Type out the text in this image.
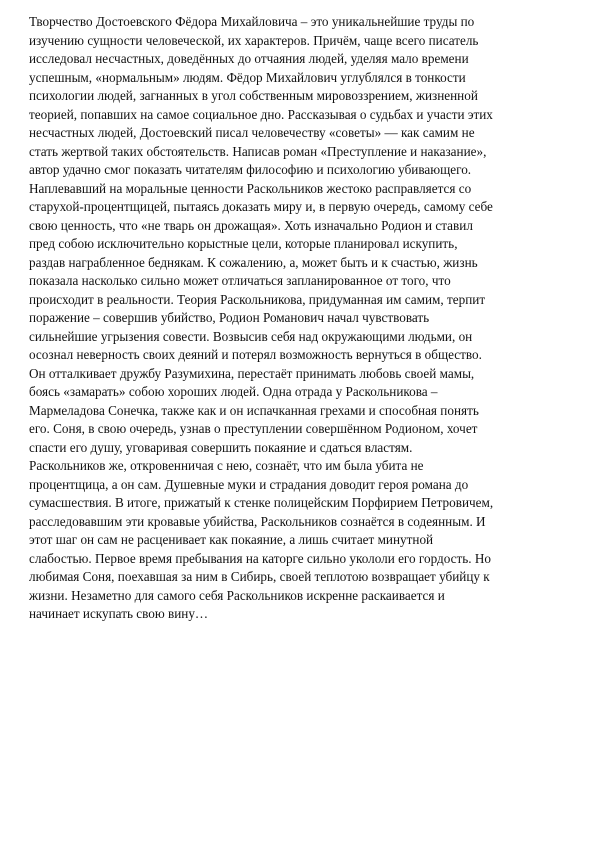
Творчество Достоевского Фёдора Михайловича – это уникальнейшие труды по
изучению сущности человеческой, их характеров. Причём, чаще всего писатель
исследовал несчастных, доведённых до отчаяния людей, уделяя мало времени
успешным, «нормальным» людям. Фёдор Михайлович углублялся в тонкости
психологии людей, загнанных в угол собственным мировоззрением, жизненной
теорией, попавших на самое социальное дно. Рассказывая о судьбах и участи этих
несчастных людей, Достоевский писал человечеству «советы» — как самим не
стать жертвой таких обстоятельств. Написав роман «Преступление и наказание»,
автор удачно смог показать читателям философию и психологию убивающего.
Наплевавший на моральные ценности Раскольников жестоко расправляется со
старухой-процентщицей, пытаясь доказать миру и, в первую очередь, самому себе
свою ценность, что «не тварь он дрожащая». Хоть изначально Родион и ставил
пред собою исключительно корыстные цели, которые планировал искупить,
раздав награбленное беднякам. К сожалению, а, может быть и к счастью, жизнь
показала насколько сильно может отличаться запланированное от того, что
происходит в реальности. Теория Раскольникова, придуманная им самим, терпит
поражение – совершив убийство, Родион Романович начал чувствовать
сильнейшие угрызения совести. Возвысив себя над окружающими людьми, он
осознал неверность своих деяний и потерял возможность вернуться в общество.
Он отталкивает дружбу Разумихина, перестаёт принимать любовь своей мамы,
боясь «замарать» собою хороших людей. Одна отрада у Раскольникова –
Мармеладова Сонечка, также как и он испачканная грехами и способная понять
его. Соня, в свою очередь, узнав о преступлении совершённом Родионом, хочет
спасти его душу, уговаривая совершить покаяние и сдаться властям.
Раскольников же, откровенничая с нею, сознаёт, что им была убита не
процентщица, а он сам. Душевные муки и страдания доводит героя романа до
сумасшествия. В итоге, прижатый к стенке полицейским Порфирием Петровичем,
расследовавшим эти кровавые убийства, Раскольников сознаётся в содеянным. И
этот шаг он сам не расценивает как покаяние, а лишь считает минутной
слабостью. Первое время пребывания на каторге сильно укололи его гордость. Но
любимая Соня, поехавшая за ним в Сибирь, своей теплотою возвращает убийцу к
жизни. Незаметно для самого себя Раскольников искренне раскаивается и
начинает искупать свою вину…
